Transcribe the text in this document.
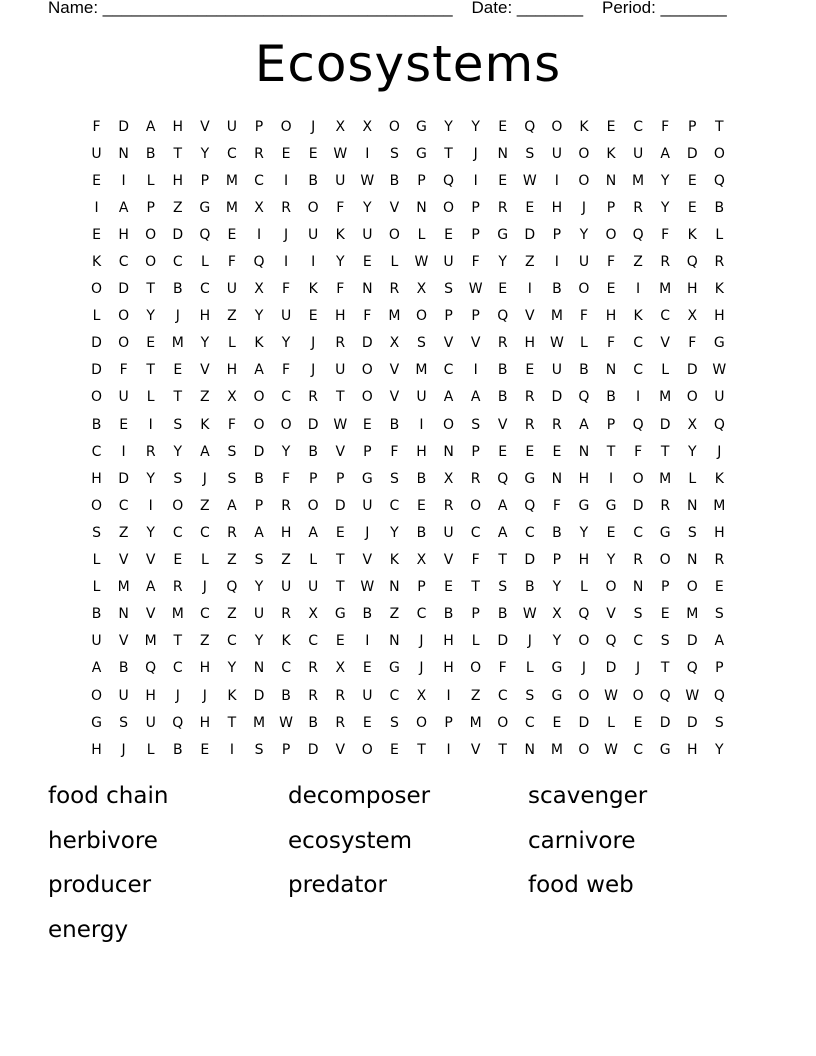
Name: _____________________________________ Date: _______ Period: _______
Ecosystems
F	D	A	H	V	U	P	O	J	X	X	O	G	Y	Y	E	Q	O	K	E	C	F	P	T
U	N	B	T	Y	C	R	E	E	W	I	S	G	T	J	N	S	U	O	K	U	A	D	O
E	I	L	H	P	M	C	I	B	U	W	B	P	Q	I	E	W	I	O	N	M	Y	E	Q
I	A	P	Z	G	M	X	R	O	F	Y	V	N	O	P	R	E	H	J	P	R	Y	E	B
E	H	O	D	Q	E	I	J	U	K	U	O	L	E	P	G	D	P	Y	O	Q	F	K	L
K	C	O	C	L	F	Q	I	I	Y	E	L	W	U	F	Y	Z	I	U	F	Z	R	Q	R
O	D	T	B	C	U	X	F	K	F	N	R	X	S	W	E	I	B	O	E	I	M	H	K
L	O	Y	J	H	Z	Y	U	E	H	F	M	O	P	P	Q	V	M	F	H	K	C	X	H
D	O	E	M	Y	L	K	Y	J	R	D	X	S	V	V	R	H	W	L	F	C	V	F	G
D	F	T	E	V	H	A	F	J	U	O	V	M	C	I	B	E	U	B	N	C	L	D	W
O	U	L	T	Z	X	O	C	R	T	O	V	U	A	A	B	R	D	Q	B	I	M	O	U
B	E	I	S	K	F	O	O	D	W	E	B	I	O	S	V	R	R	A	P	Q	D	X	Q
C	I	R	Y	A	S	D	Y	B	V	P	F	H	N	P	E	E	E	N	T	F	T	Y	J
H	D	Y	S	J	S	B	F	P	P	G	S	B	X	R	Q	G	N	H	I	O	M	L	K
O	C	I	O	Z	A	P	R	O	D	U	C	E	R	O	A	Q	F	G	G	D	R	N	M
S	Z	Y	C	C	R	A	H	A	E	J	Y	B	U	C	A	C	B	Y	E	C	G	S	H
L	V	V	E	L	Z	S	Z	L	T	V	K	X	V	F	T	D	P	H	Y	R	O	N	R
L	M	A	R	J	Q	Y	U	U	T	W	N	P	E	T	S	B	Y	L	O	N	P	O	E
B	N	V	M	C	Z	U	R	X	G	B	Z	C	B	P	B	W	X	Q	V	S	E	M	S
U	V	M	T	Z	C	Y	K	C	E	I	N	J	H	L	D	J	Y	O	Q	C	S	D	A
A	B	Q	C	H	Y	N	C	R	X	E	G	J	H	O	F	L	G	J	D	J	T	Q	P
O	U	H	J	J	K	D	B	R	R	U	C	X	I	Z	C	S	G	O	W	O	Q	W	Q
G	S	U	Q	H	T	M	W	B	R	E	S	O	P	M	O	C	E	D	L	E	D	D	S
H	J	L	B	E	I	S	P	D	V	O	E	T	I	V	T	N	M	O	W	C	G	H	Y
food chain	decomposer	scavenger
herbivore	ecosystem	carnivore
producer	predator	food web
energy
